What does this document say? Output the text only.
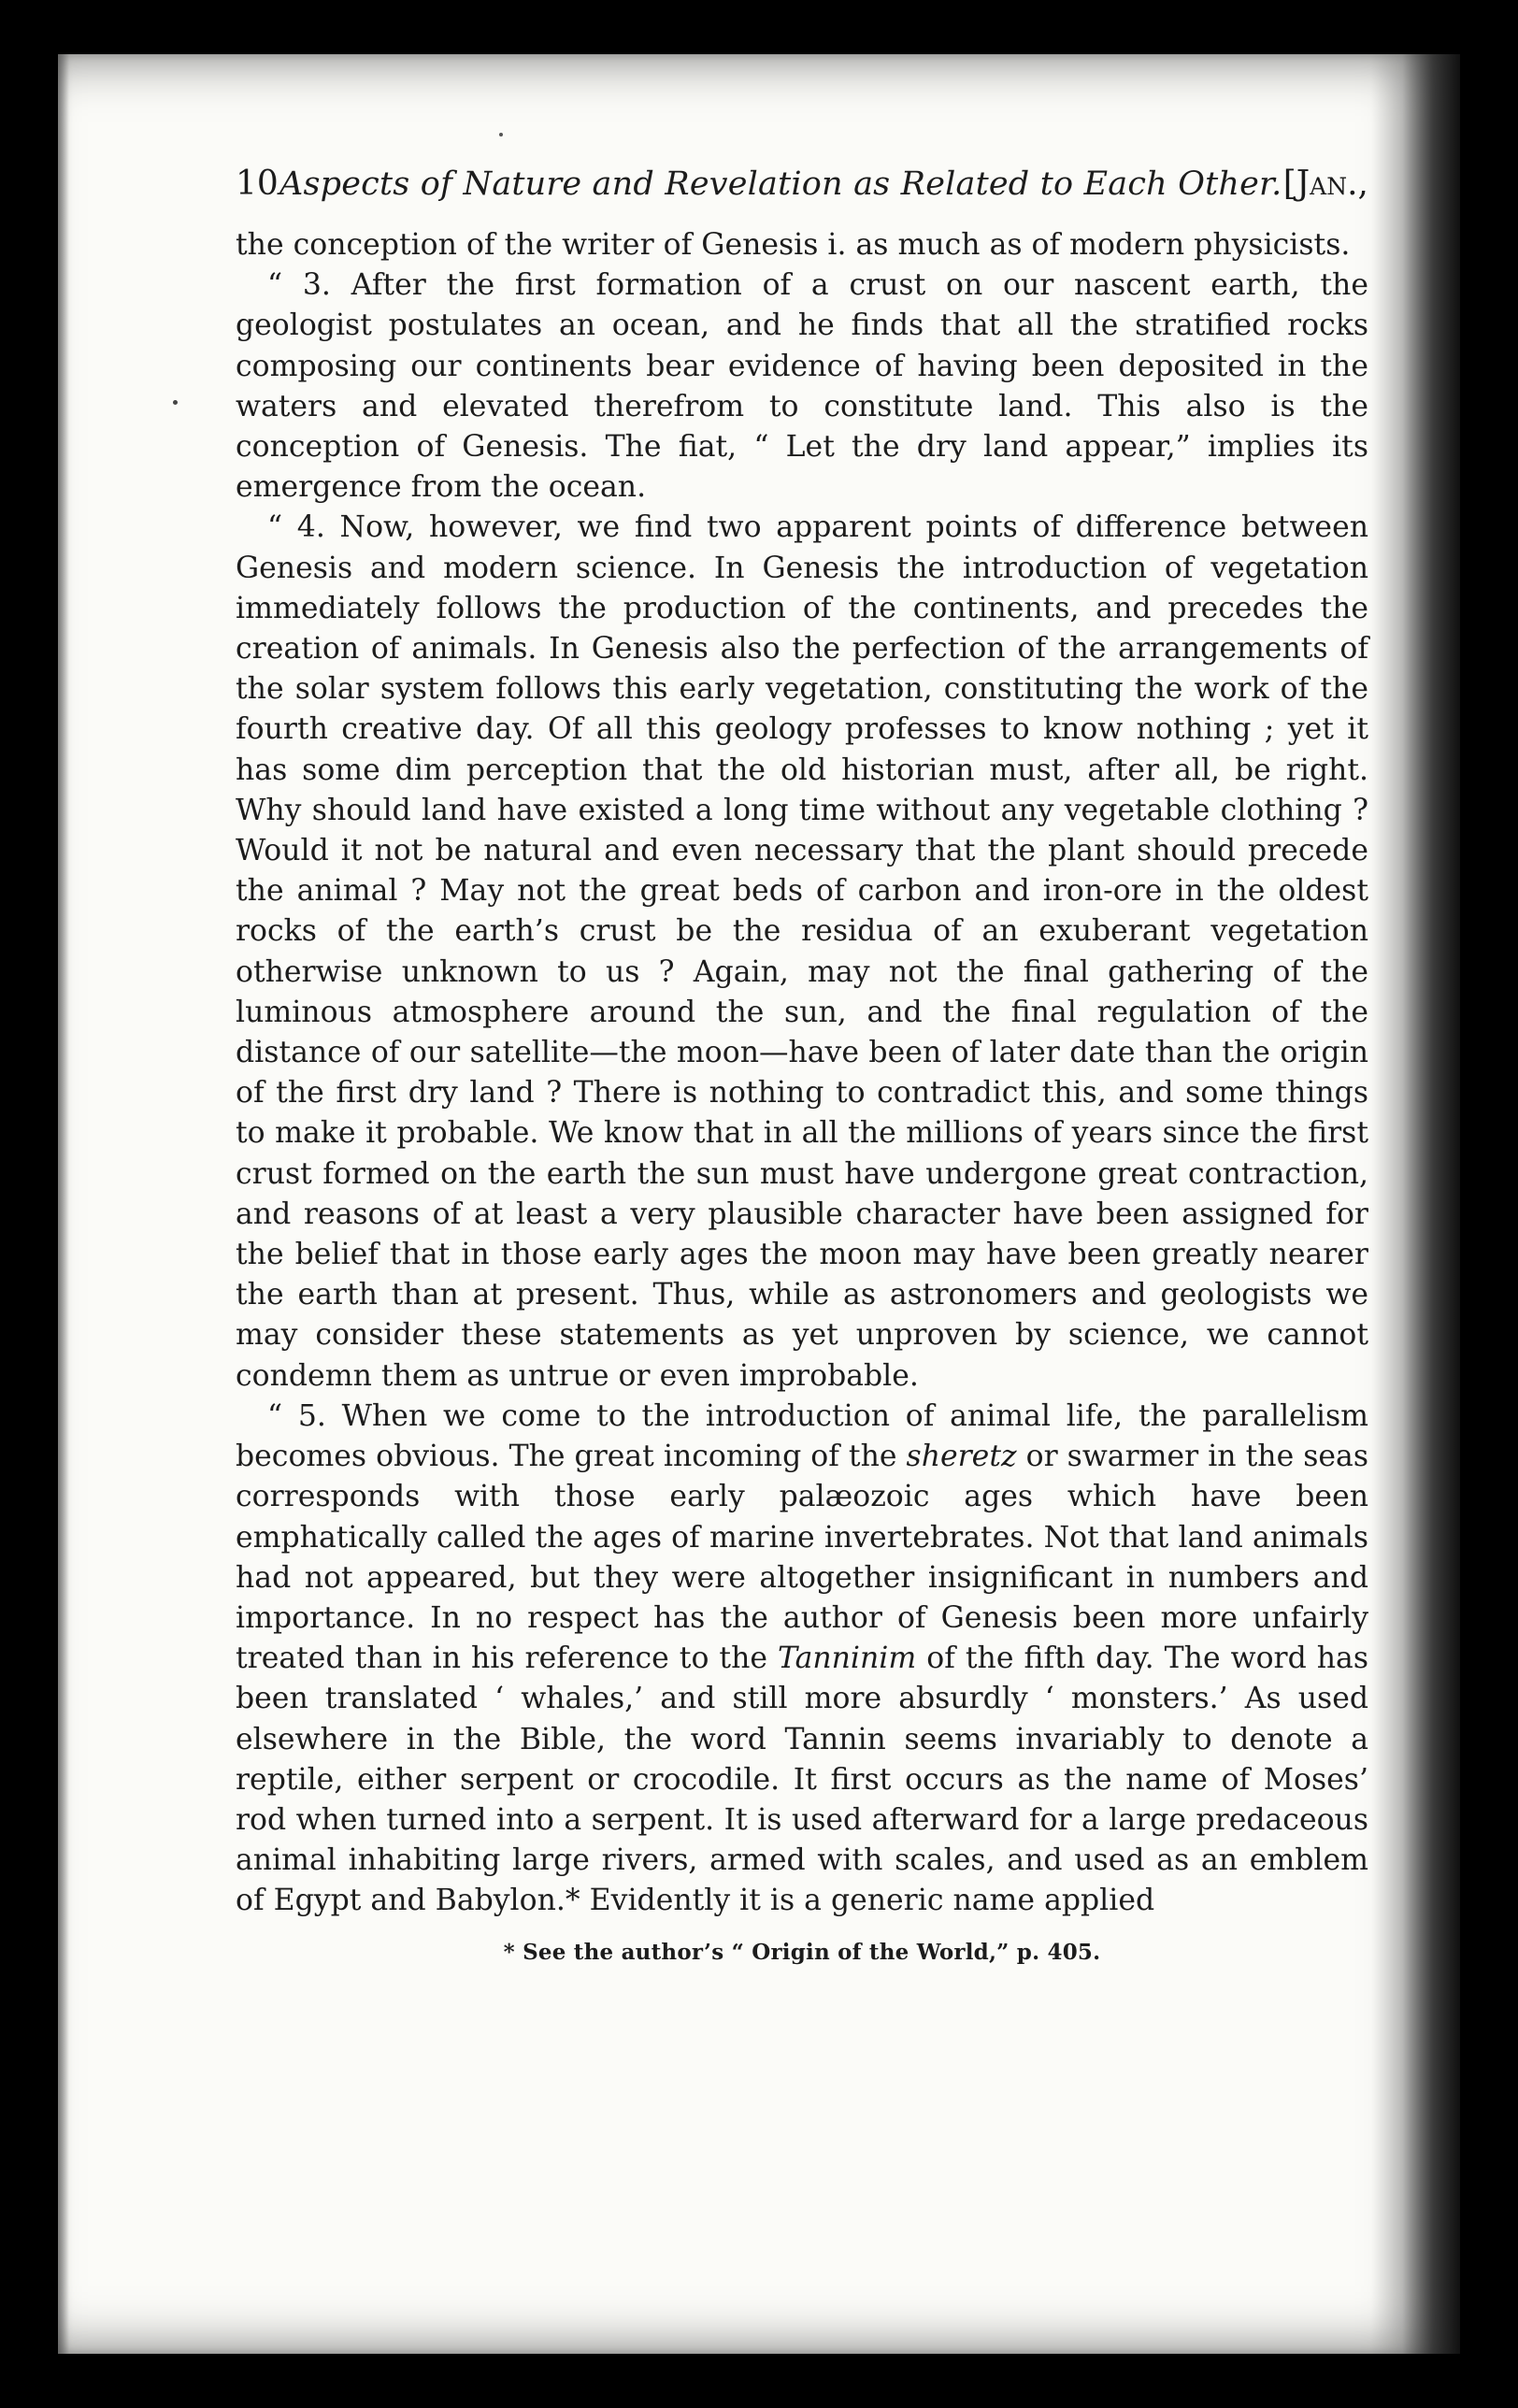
10 Aspects of Nature and Revelation as Related to Each Other. [Jan.,

the conception of the writer of Genesis i. as much as of modern physicists.

“ 3. After the first formation of a crust on our nascent earth, the geologist postulates an ocean, and he finds that all the stratified rocks composing our continents bear evidence of having been deposited in the waters and elevated therefrom to constitute land. This also is the conception of Genesis. The fiat, “ Let the dry land appear,” implies its emergence from the ocean.

“ 4. Now, however, we find two apparent points of difference between Genesis and modern science. In Genesis the introduction of vegetation immediately follows the production of the continents, and precedes the creation of animals. In Genesis also the perfection of the arrangements of the solar system follows this early vegetation, constituting the work of the fourth creative day. Of all this geology professes to know nothing ; yet it has some dim perception that the old historian must, after all, be right. Why should land have existed a long time without any vegetable clothing ? Would it not be natural and even necessary that the plant should precede the animal ? May not the great beds of carbon and iron-ore in the oldest rocks of the earth’s crust be the residua of an exuberant vegetation otherwise unknown to us ? Again, may not the final gathering of the luminous atmosphere around the sun, and the final regulation of the distance of our satellite—the moon—have been of later date than the origin of the first dry land ? There is nothing to contradict this, and some things to make it probable. We know that in all the millions of years since the first crust formed on the earth the sun must have undergone great contraction, and reasons of at least a very plausible character have been assigned for the belief that in those early ages the moon may have been greatly nearer the earth than at present. Thus, while as astronomers and geologists we may consider these statements as yet unproven by science, we cannot condemn them as untrue or even improbable.

“ 5. When we come to the introduction of animal life, the parallelism becomes obvious. The great incoming of the sheretz or swarmer in the seas corresponds with those early palæozoic ages which have been emphatically called the ages of marine invertebrates. Not that land animals had not appeared, but they were altogether insignificant in numbers and importance. In no respect has the author of Genesis been more unfairly treated than in his reference to the Tanninim of the fifth day. The word has been translated ‘ whales,’ and still more absurdly ‘ monsters.’ As used elsewhere in the Bible, the word Tannin seems invariably to denote a reptile, either serpent or crocodile. It first occurs as the name of Moses’ rod when turned into a serpent. It is used afterward for a large predaceous animal inhabiting large rivers, armed with scales, and used as an emblem of Egypt and Babylon.* Evidently it is a generic name applied

* See the author’s “ Origin of the World,” p. 405.
